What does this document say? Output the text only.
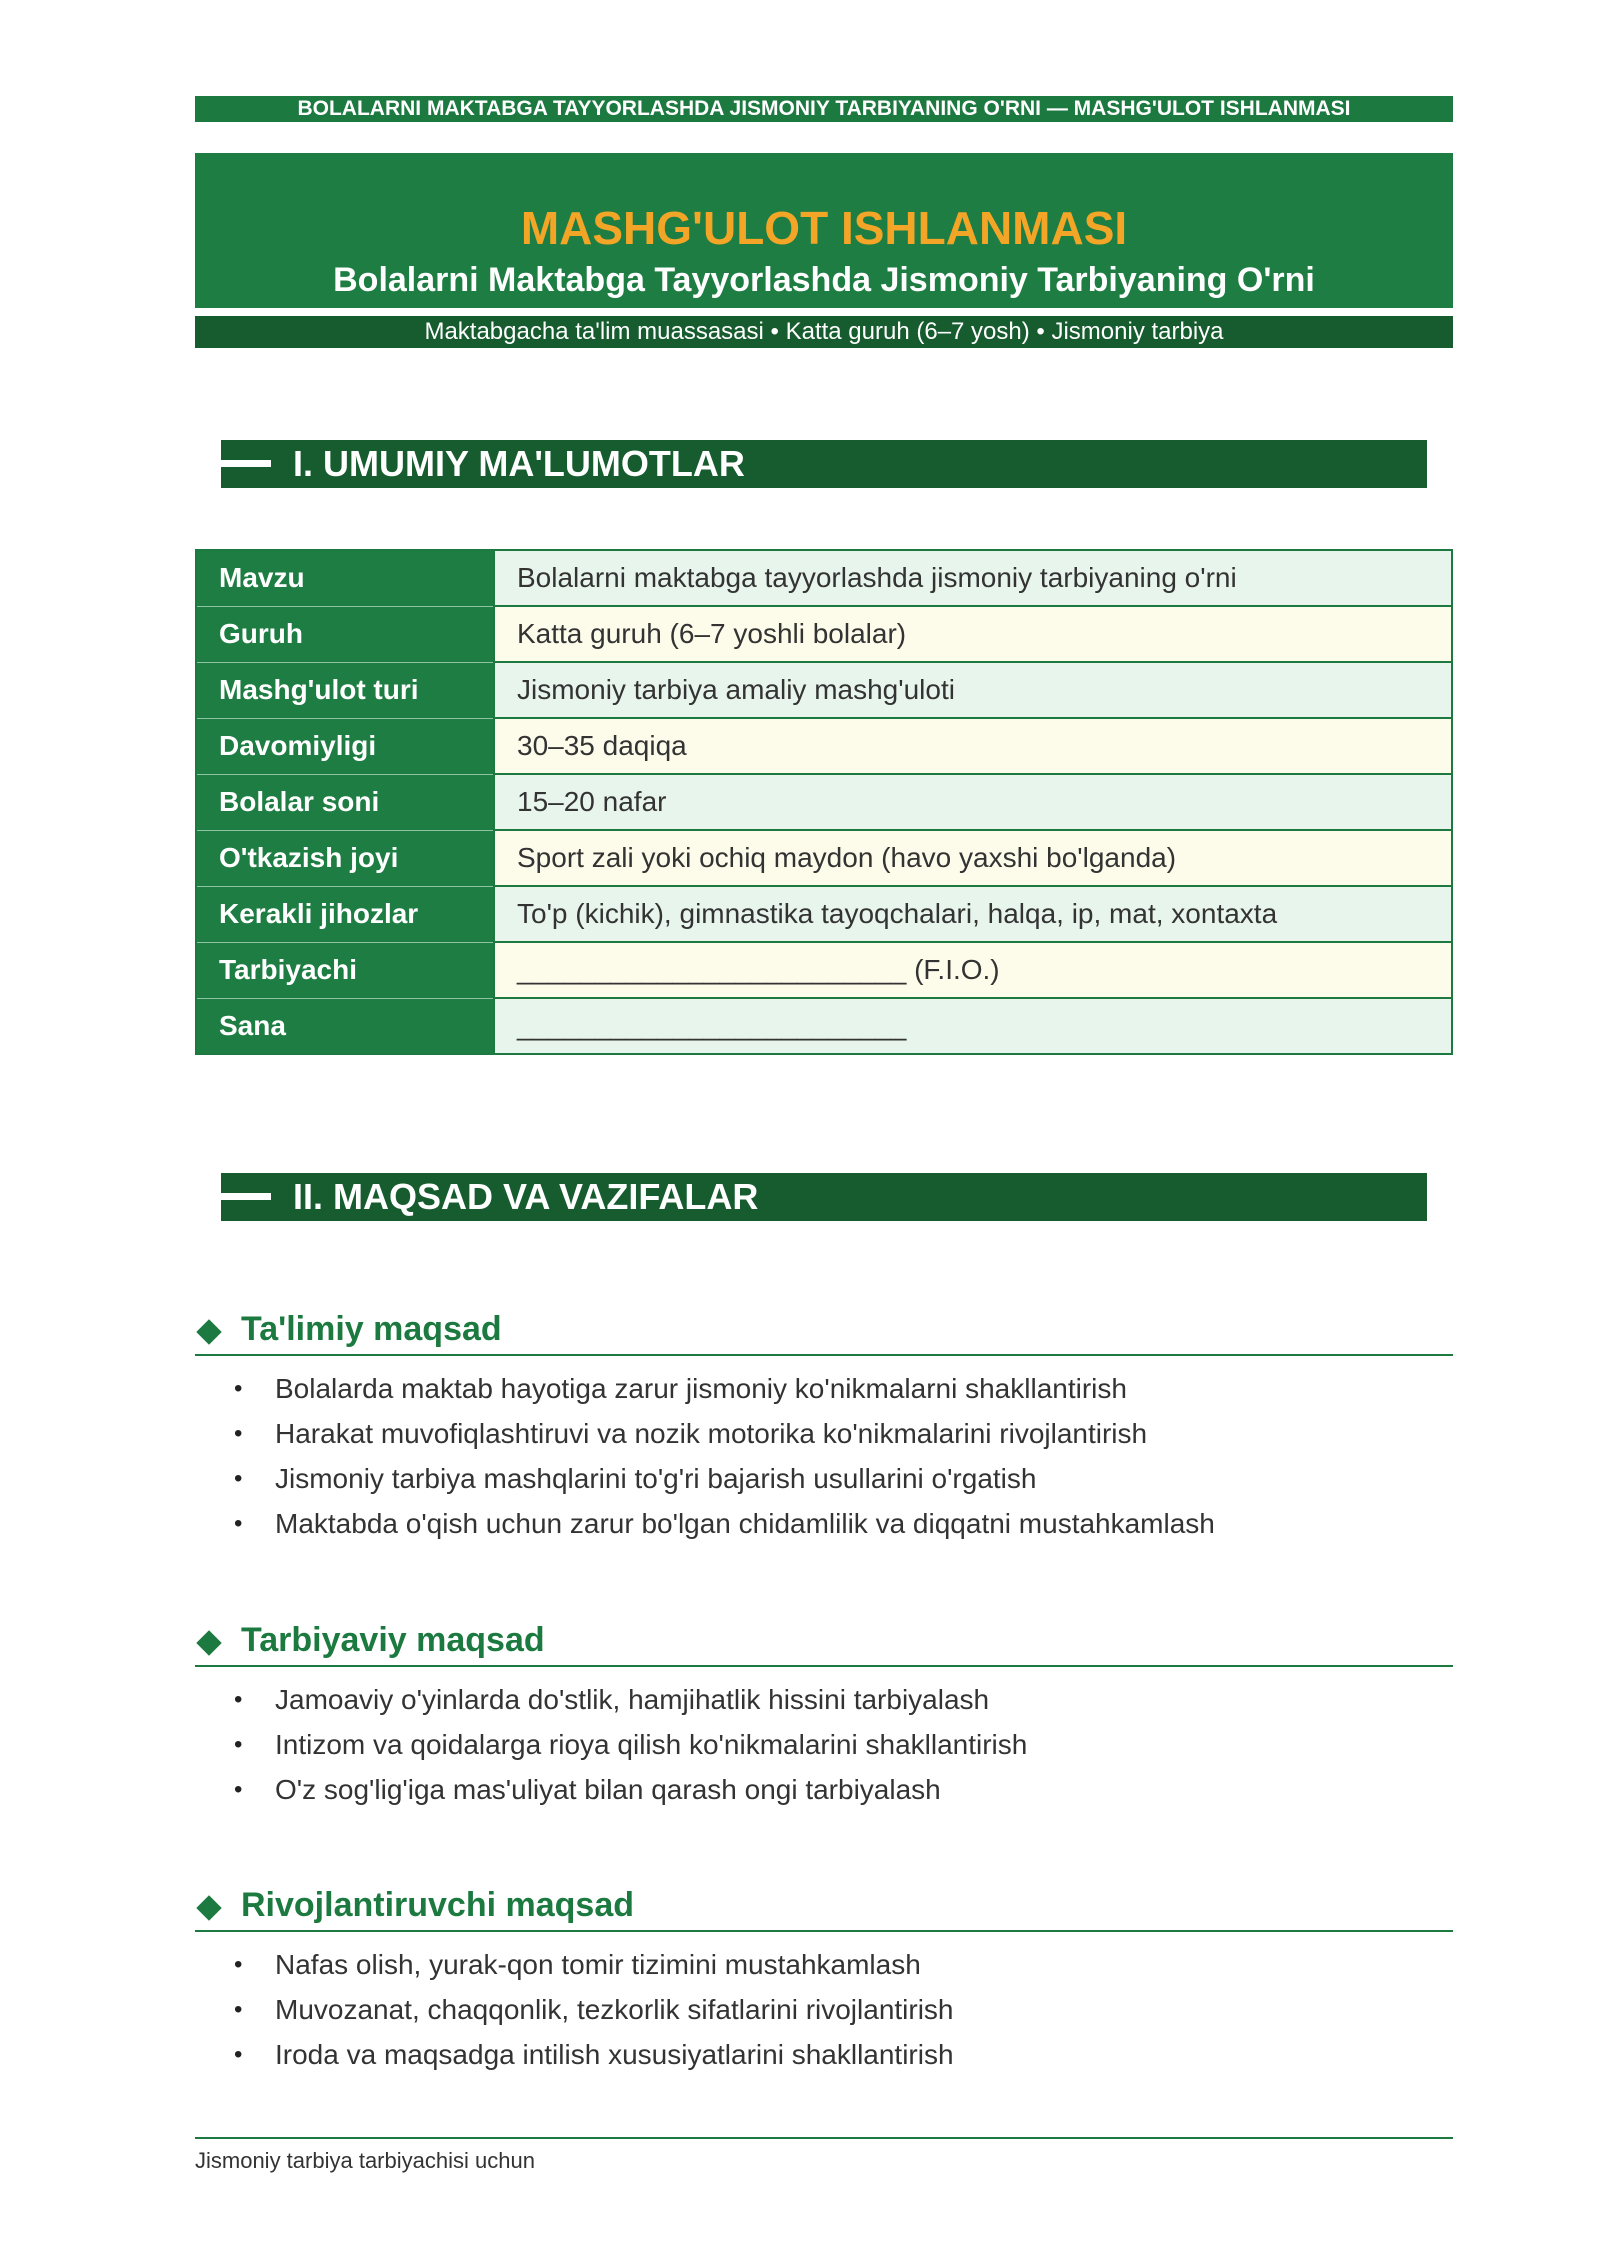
BOLALARNI MAKTABGA TAYYORLASHDA JISMONIY TARBIYANING O'RNI — MASHG'ULOT ISHLANMASI
MASHG'ULOT ISHLANMASI
Bolalarni Maktabga Tayyorlashda Jismoniy Tarbiyaning O'rni
Maktabgacha ta'lim muassasasi • Katta guruh (6–7 yosh) • Jismoniy tarbiya
I. UMUMIY MA'LUMOTLAR
Mavzu	Bolalarni maktabga tayyorlashda jismoniy tarbiyaning o'rni
Guruh	Katta guruh (6–7 yoshli bolalar)
Mashg'ulot turi	Jismoniy tarbiya amaliy mashg'uloti
Davomiyligi	30–35 daqiqa
Bolalar soni	15–20 nafar
O'tkazish joyi	Sport zali yoki ochiq maydon (havo yaxshi bo'lganda)
Kerakli jihozlar	To'p (kichik), gimnastika tayoqchalari, halqa, ip, mat, xontaxta
Tarbiyachi	_________________________ (F.I.O.)
Sana	_________________________
II. MAQSAD VA VAZIFALAR
Ta'limiy maqsad
• Bolalarda maktab hayotiga zarur jismoniy ko'nikmalarni shakllantirish
• Harakat muvofiqlashtiruvi va nozik motorika ko'nikmalarini rivojlantirish
• Jismoniy tarbiya mashqlarini to'g'ri bajarish usullarini o'rgatish
• Maktabda o'qish uchun zarur bo'lgan chidamlilik va diqqatni mustahkamlash
Tarbiyaviy maqsad
• Jamoaviy o'yinlarda do'stlik, hamjihatlik hissini tarbiyalash
• Intizom va qoidalarga rioya qilish ko'nikmalarini shakllantirish
• O'z sog'lig'iga mas'uliyat bilan qarash ongi tarbiyalash
Rivojlantiruvchi maqsad
• Nafas olish, yurak-qon tomir tizimini mustahkamlash
• Muvozanat, chaqqonlik, tezkorlik sifatlarini rivojlantirish
• Iroda va maqsadga intilish xususiyatlarini shakllantirish
Jismoniy tarbiya tarbiyachisi uchun
